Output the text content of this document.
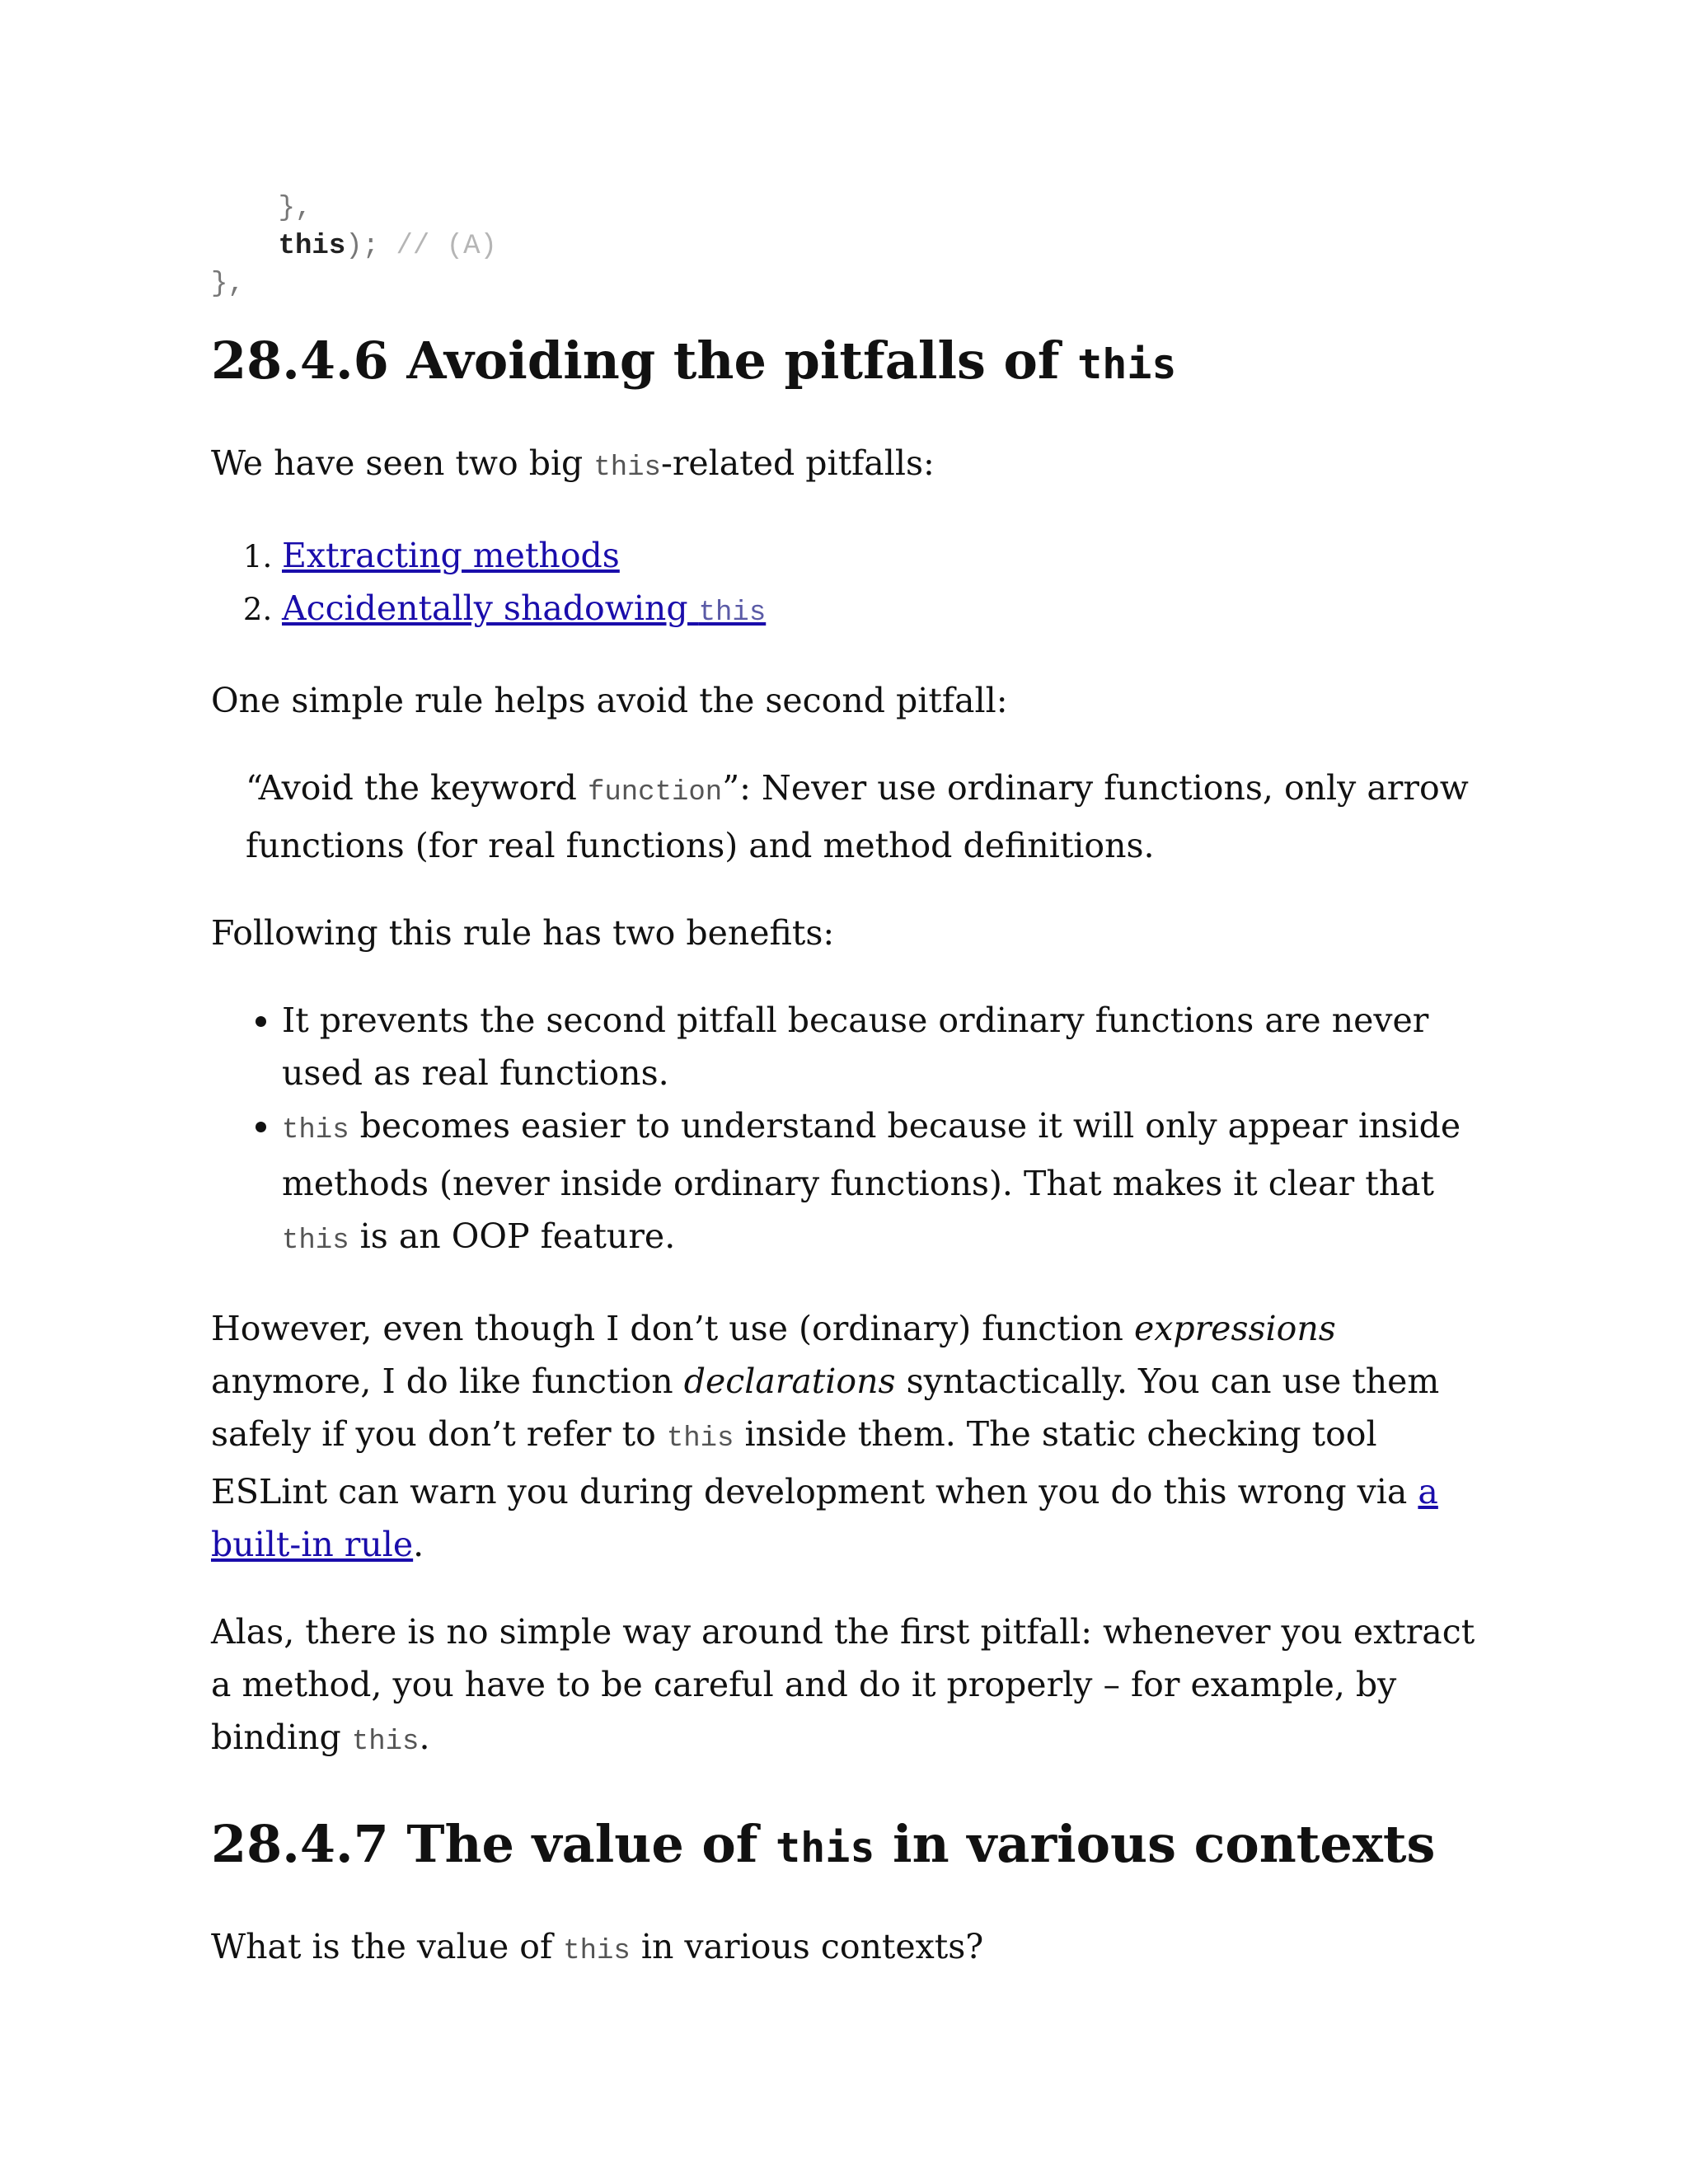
},
this); // (A)
},
28.4.6 Avoiding the pitfalls of this

We have seen two big this-related pitfalls:

1. Extracting methods
2. Accidentally shadowing this

One simple rule helps avoid the second pitfall:

“Avoid the keyword function”: Never use ordinary functions, only arrow functions (for real functions) and method definitions.

Following this rule has two benefits:

• It prevents the second pitfall because ordinary functions are never used as real functions.
• this becomes easier to understand because it will only appear inside methods (never inside ordinary functions). That makes it clear that this is an OOP feature.

However, even though I don’t use (ordinary) function expressions anymore, I do like function declarations syntactically. You can use them safely if you don’t refer to this inside them. The static checking tool ESLint can warn you during development when you do this wrong via a built-in rule.

Alas, there is no simple way around the first pitfall: whenever you extract a method, you have to be careful and do it properly – for example, by binding this.

28.4.7 The value of this in various contexts

What is the value of this in various contexts?
